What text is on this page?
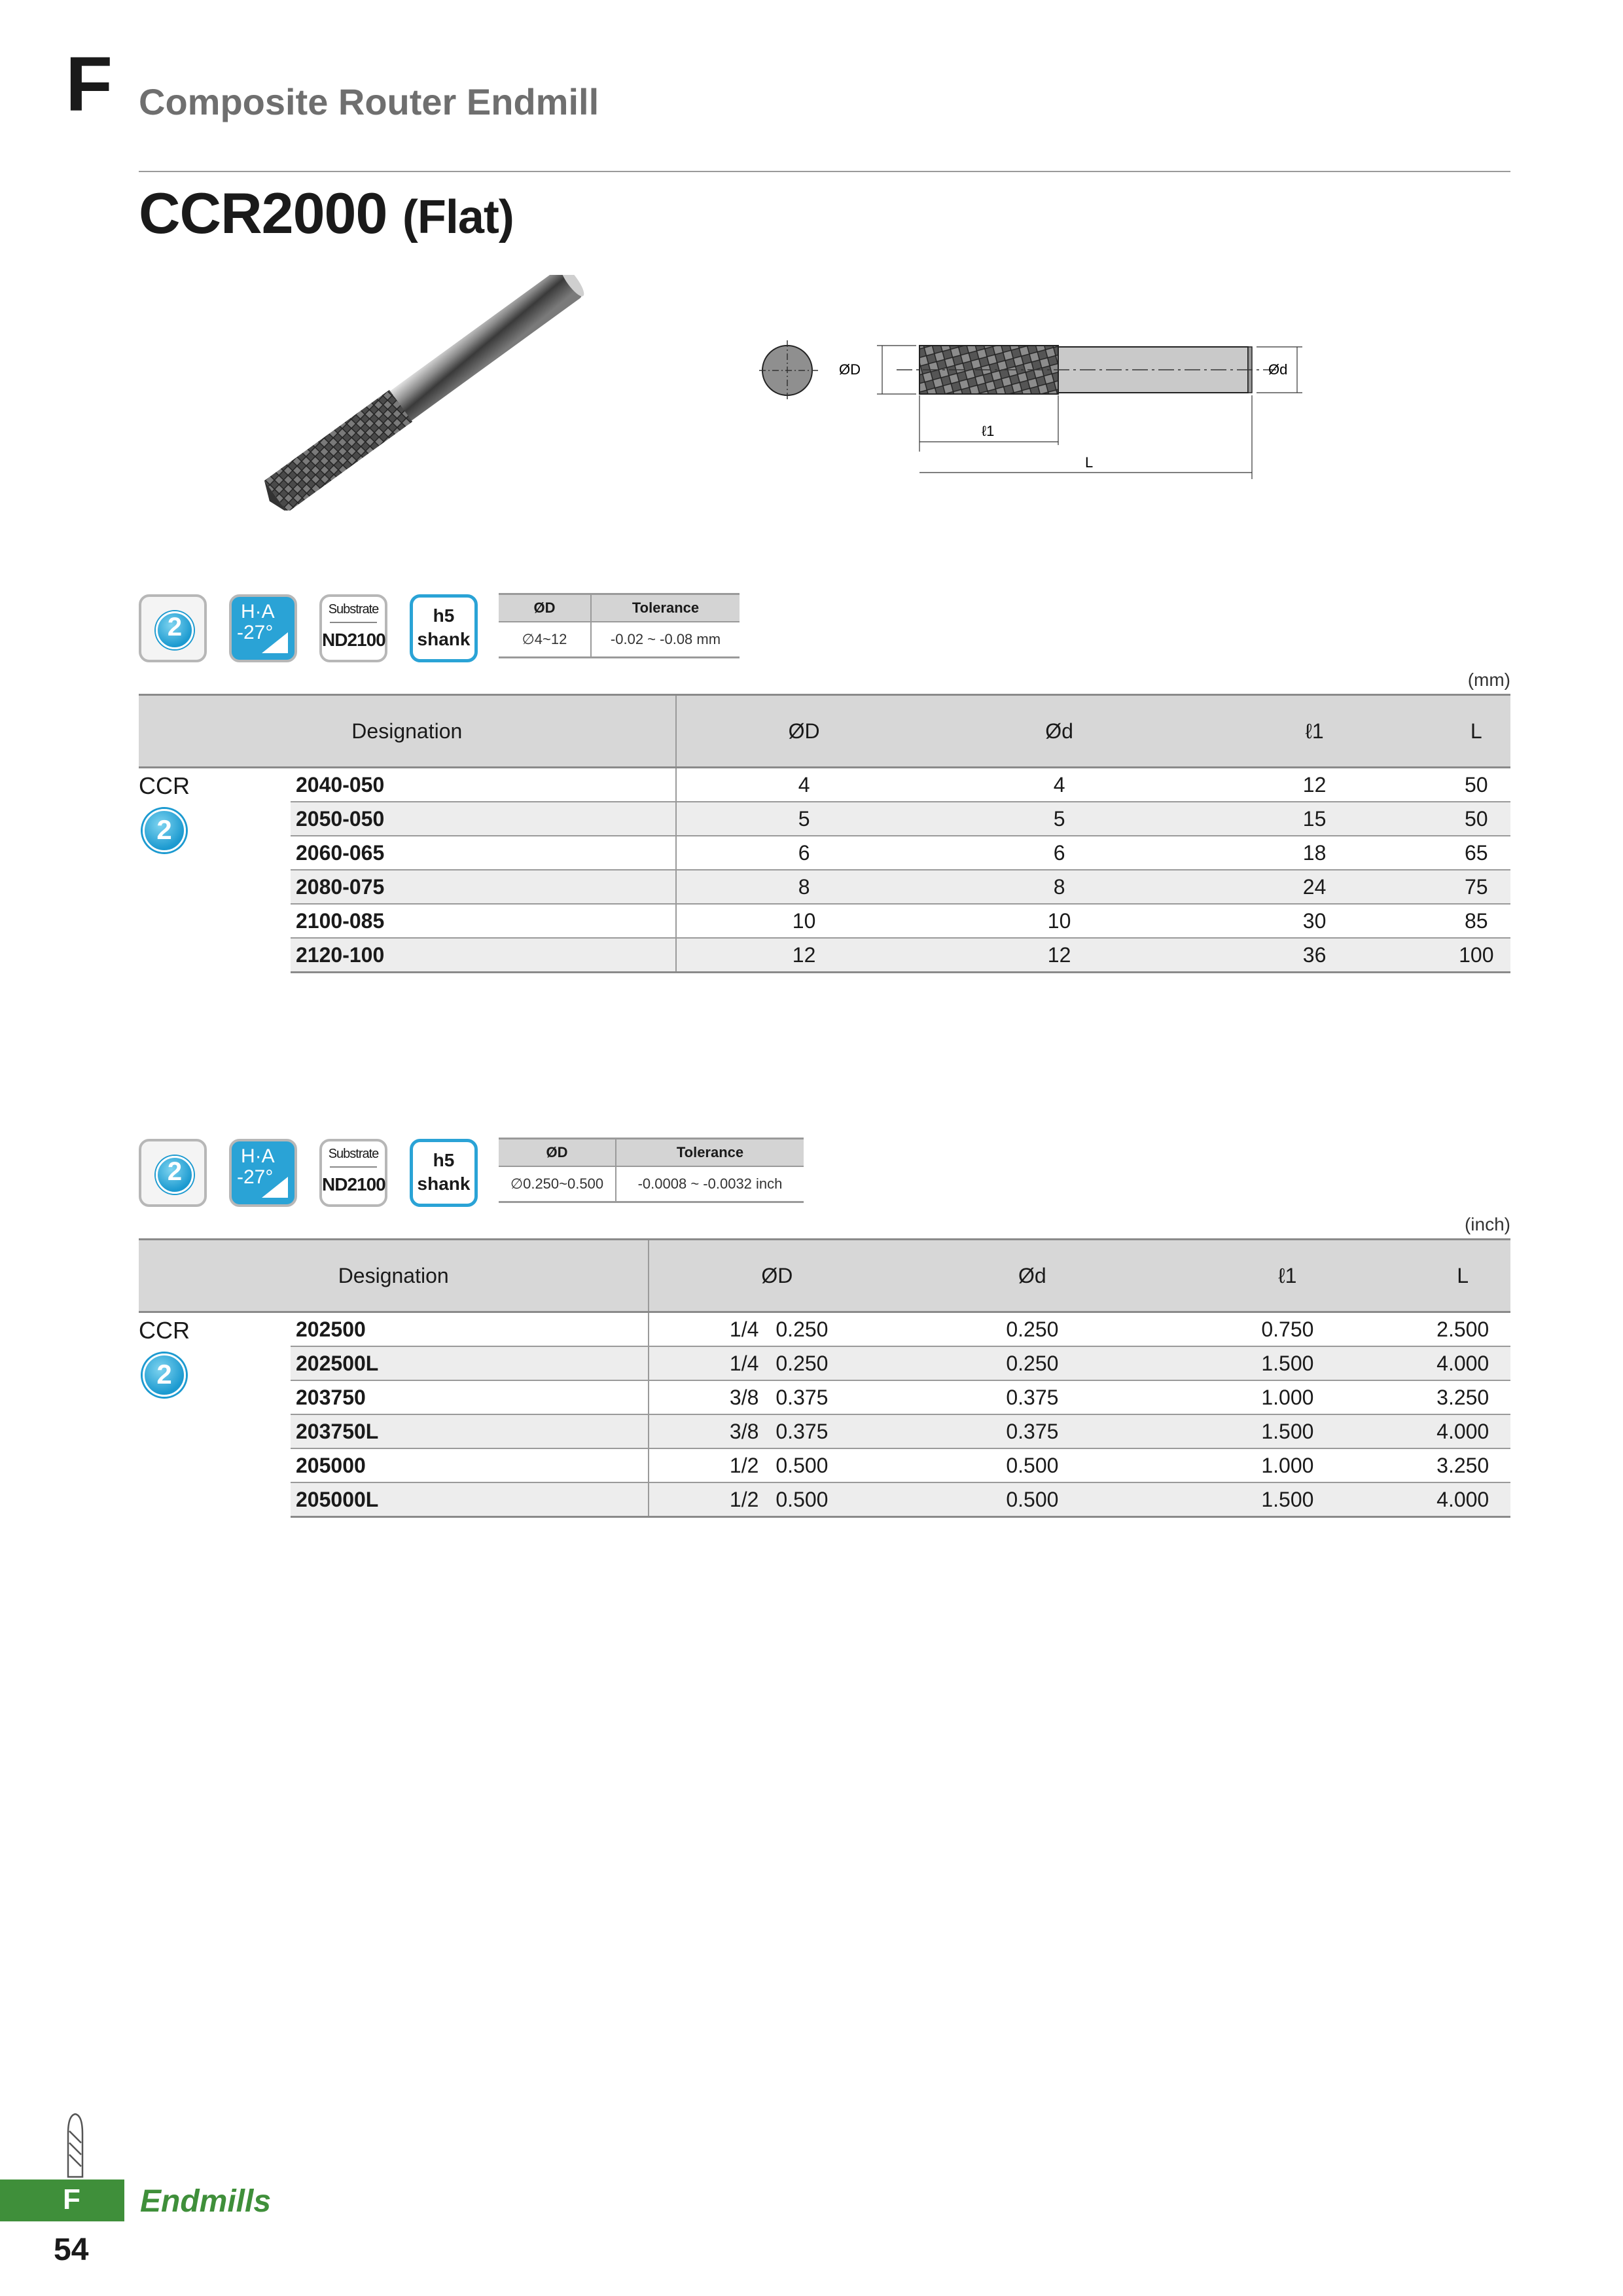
F Composite Router Endmill
CCR2000 (Flat)
ØD	Ød
ℓ1
L
2
H·A
-27°
Substrate
ND2100
h5
shank
ØD	Tolerance
∅4~12	-0.02 ~ -0.08 mm
(mm)
Designation		ØD	Ød	ℓ1	L

CCR
2	2040-050	4	4	12	50
	2050-050	5	5	15	50
	2060-065	6	6	18	65
	2080-075	8	8	24	75
	2100-085	10	10	30	85
	2120-100	12	12	36	100
2
H·A
-27°
Substrate
ND2100
h5
shank
ØD	Tolerance
∅0.250~0.500	-0.0008 ~ -0.0032 inch
(inch)
Designation		ØD	Ød	ℓ1	L

CCR
2	202500	1/4 0.250	0.250	0.750	2.500
	202500L	1/4 0.250	0.250	1.500	4.000
	203750	3/8 0.375	0.375	1.000	3.250
	203750L	3/8 0.375	0.375	1.500	4.000
	205000	1/2 0.500	0.500	1.000	3.250
	205000L	1/2 0.500	0.500	1.500	4.000
F Endmills
54
